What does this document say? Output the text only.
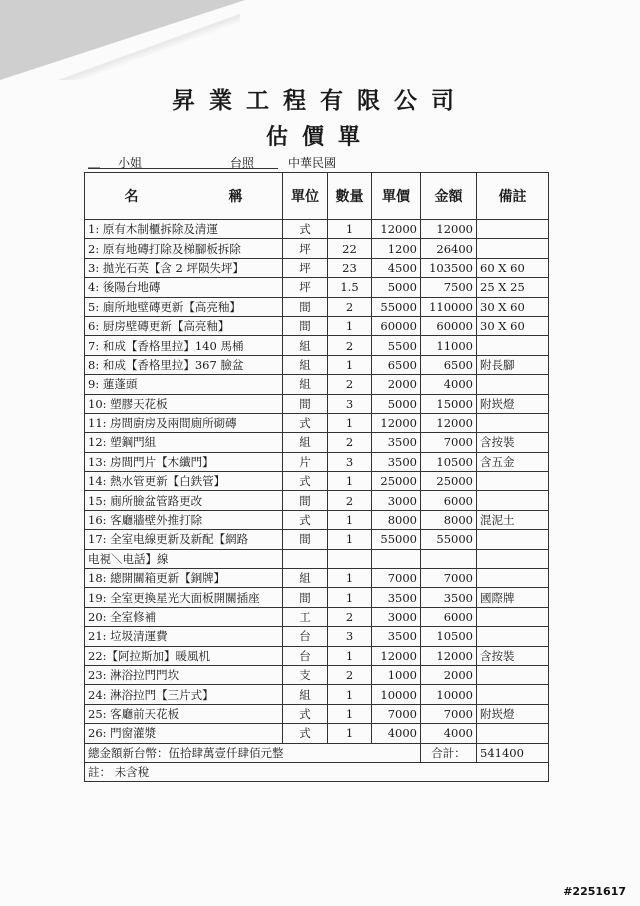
昇業工程有限公司
估價單
__ 小姐	台照	中華民國
名 稱	單位	數量	單價	金額	備註
1: 原有木制櫃拆除及清運	式	1	12000	12000	
2: 原有地磚打除及梯腳板拆除	坪	22	1200	26400	
3: 拋光石英【含 2 坪陨失坪】	坪	23	4500	103500	60 X 60
4: 後陽台地磚	坪	1.5	5000	7500	25 X 25
5: 廁所地壁磚更新【高亮釉】	間	2	55000	110000	30 X 60
6: 厨房壁磚更新【高亮釉】	間	1	60000	60000	30 X 60
7: 和成【香格里拉】140 馬桶	組	2	5500	11000	
8: 和成【香格里拉】367 臉盆	組	1	6500	6500	附長腳
9: 蓮蓬頭	組	2	2000	4000	
10: 塑膠天花板	間	3	5000	15000	附崁燈
11: 房間廚房及兩間廁所砌磚	式	1	12000	12000	
12: 塑鋼門組	組	2	3500	7000	含按裝
13: 房間門片【木纖門】	片	3	3500	10500	含五金
14: 熱水管更新【白鉄管】	式	1	25000	25000	
15: 廁所臉盆管路更改	間	2	3000	6000	
16: 客廳牆壁外推打除	式	1	8000	8000	混泥土
17: 全室电線更新及新配【網路	間	1	55000	55000	
电視＼电話】線					
18: 總開關箱更新【銅牌】	組	1	7000	7000	
19: 全室更換星光大面板開關插座	間	1	3500	3500	國際牌
20: 全室修補	工	2	3000	6000	
21: 垃圾清運費	台	3	3500	10500	
22:【阿拉斯加】暖風机	台	1	12000	12000	含按裝
23: 淋浴拉門門坎	支	2	1000	2000	
24: 淋浴拉門【三片式】	組	1	10000	10000	
25: 客廳前天花板	式	1	7000	7000	附崁燈
26: 門窗灌漿	式	1	4000	4000	
總金額新台幣：伍拾肆萬壹仟肆佰元整				合計：	541400
註： 未含稅					
#2251617
